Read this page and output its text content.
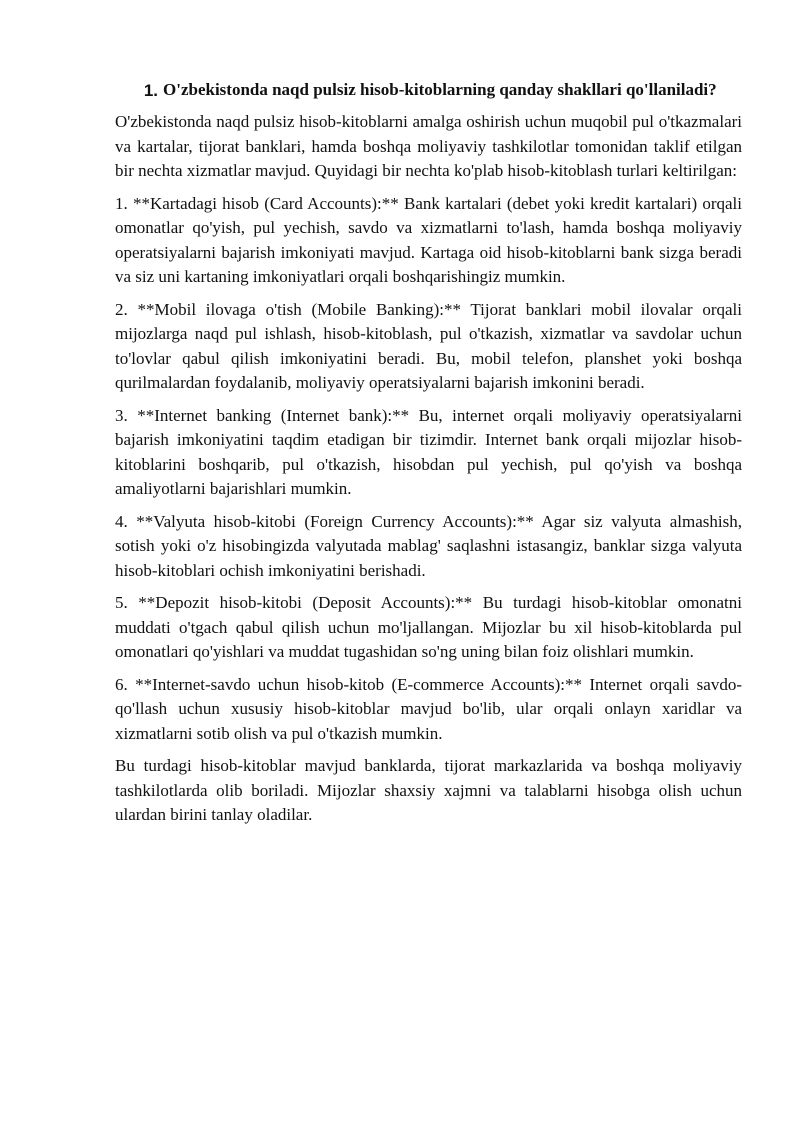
1. O'zbekistonda naqd pulsiz hisob-kitoblarning qanday shakllari qo'llaniladi?

O'zbekistonda naqd pulsiz hisob-kitoblarni amalga oshirish uchun muqobil pul o'tkazmalari va kartalar, tijorat banklari, hamda boshqa moliyaviy tashkilotlar tomonidan taklif etilgan bir nechta xizmatlar mavjud. Quyidagi bir nechta ko'plab hisob-kitoblash turlari keltirilgan:

1. **Kartadagi hisob (Card Accounts):** Bank kartalari (debet yoki kredit kartalari) orqali omonatlar qo'yish, pul yechish, savdo va xizmatlarni to'lash, hamda boshqa moliyaviy operatsiyalarni bajarish imkoniyati mavjud. Kartaga oid hisob-kitoblarni bank sizga beradi va siz uni kartaning imkoniyatlari orqali boshqarishingiz mumkin.

2. **Mobil ilovaga o'tish (Mobile Banking):** Tijorat banklari mobil ilovalar orqali mijozlarga naqd pul ishlash, hisob-kitoblash, pul o'tkazish, xizmatlar va savdolar uchun to'lovlar qabul qilish imkoniyatini beradi. Bu, mobil telefon, planshet yoki boshqa qurilmalardan foydalanib, moliyaviy operatsiyalarni bajarish imkonini beradi.

3. **Internet banking (Internet bank):** Bu, internet orqali moliyaviy operatsiyalarni bajarish imkoniyatini taqdim etadigan bir tizimdir. Internet bank orqali mijozlar hisob-kitoblarini boshqarib, pul o'tkazish, hisobdan pul yechish, pul qo'yish va boshqa amaliyotlarni bajarishlari mumkin.

4. **Valyuta hisob-kitobi (Foreign Currency Accounts):** Agar siz valyuta almashish, sotish yoki o'z hisobingizda valyutada mablag' saqlashni istasangiz, banklar sizga valyuta hisob-kitoblari ochish imkoniyatini berishadi.

5. **Depozit hisob-kitobi (Deposit Accounts):** Bu turdagi hisob-kitoblar omonatni muddati o'tgach qabul qilish uchun mo'ljallangan. Mijozlar bu xil hisob-kitoblarda pul omonatlari qo'yishlari va muddat tugashidan so'ng uning bilan foiz olishlari mumkin.

6. **Internet-savdo uchun hisob-kitob (E-commerce Accounts):** Internet orqali savdo-qo'llash uchun xususiy hisob-kitoblar mavjud bo'lib, ular orqali onlayn xaridlar va xizmatlarni sotib olish va pul o'tkazish mumkin.

Bu turdagi hisob-kitoblar mavjud banklarda, tijorat markazlarida va boshqa moliyaviy tashkilotlarda olib boriladi. Mijozlar shaxsiy xajmni va talablarni hisobga olish uchun ulardan birini tanlay oladilar.
